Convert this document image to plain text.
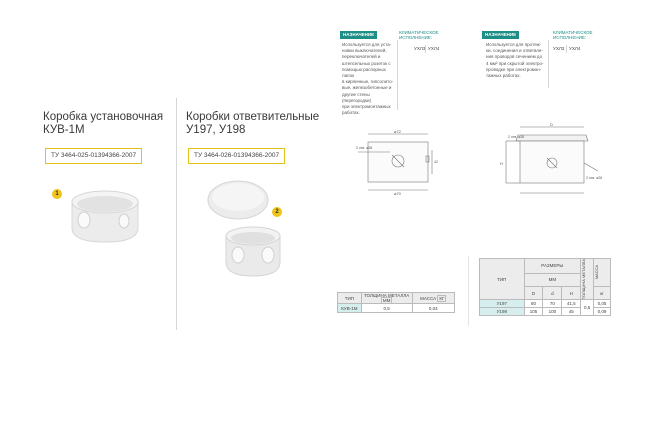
Коробка установочная
КУВ-1М
ТУ 3464-025-01394366-2007
Коробки ответвительные
У197, У198
ТУ 3464-026-01394366-2007
1
2
НАЗНАЧЕНИЕ	КЛИМАТИЧЕСКОЕ
ИСПОЛНЕНИЕ:
УХЛ3 УХЛ4
Используется для уста-
новки выключателей,
переключателей и
штепсельных розеток с
помощью распорных лапок
в кирпичные, гипсолито-
вые, железобетонные и
другие стены (перегородки)
при электромонтажных
работах.
ø72
ø70
2 отв. ø26
42
ТИП	ТОЛЩИНА МЕТАЛЛА ММ	МАССА КГ
КУВ-1М	0,5	0,04
НАЗНАЧЕНИЕ	КЛИМАТИЧЕСКОЕ
ИСПОЛНЕНИЕ:
УХЛ3 УХЛ4
Используется для протяж-
ки, соединения и ответвле-
ния проводов сечением до
4 мм² при скрытой электро-
проводке при электромон-
тажных работах.
D
2 отв. ø26
H
2 отв. ø26
ТИП	РАЗМЕРЫ			ТОЛЩИНА МЕТАЛЛА	МАССА

	ММ				
	D	d	H		кг
У197	80	70	41,5	0,5	0,05
У198	105	100	45		0,09
